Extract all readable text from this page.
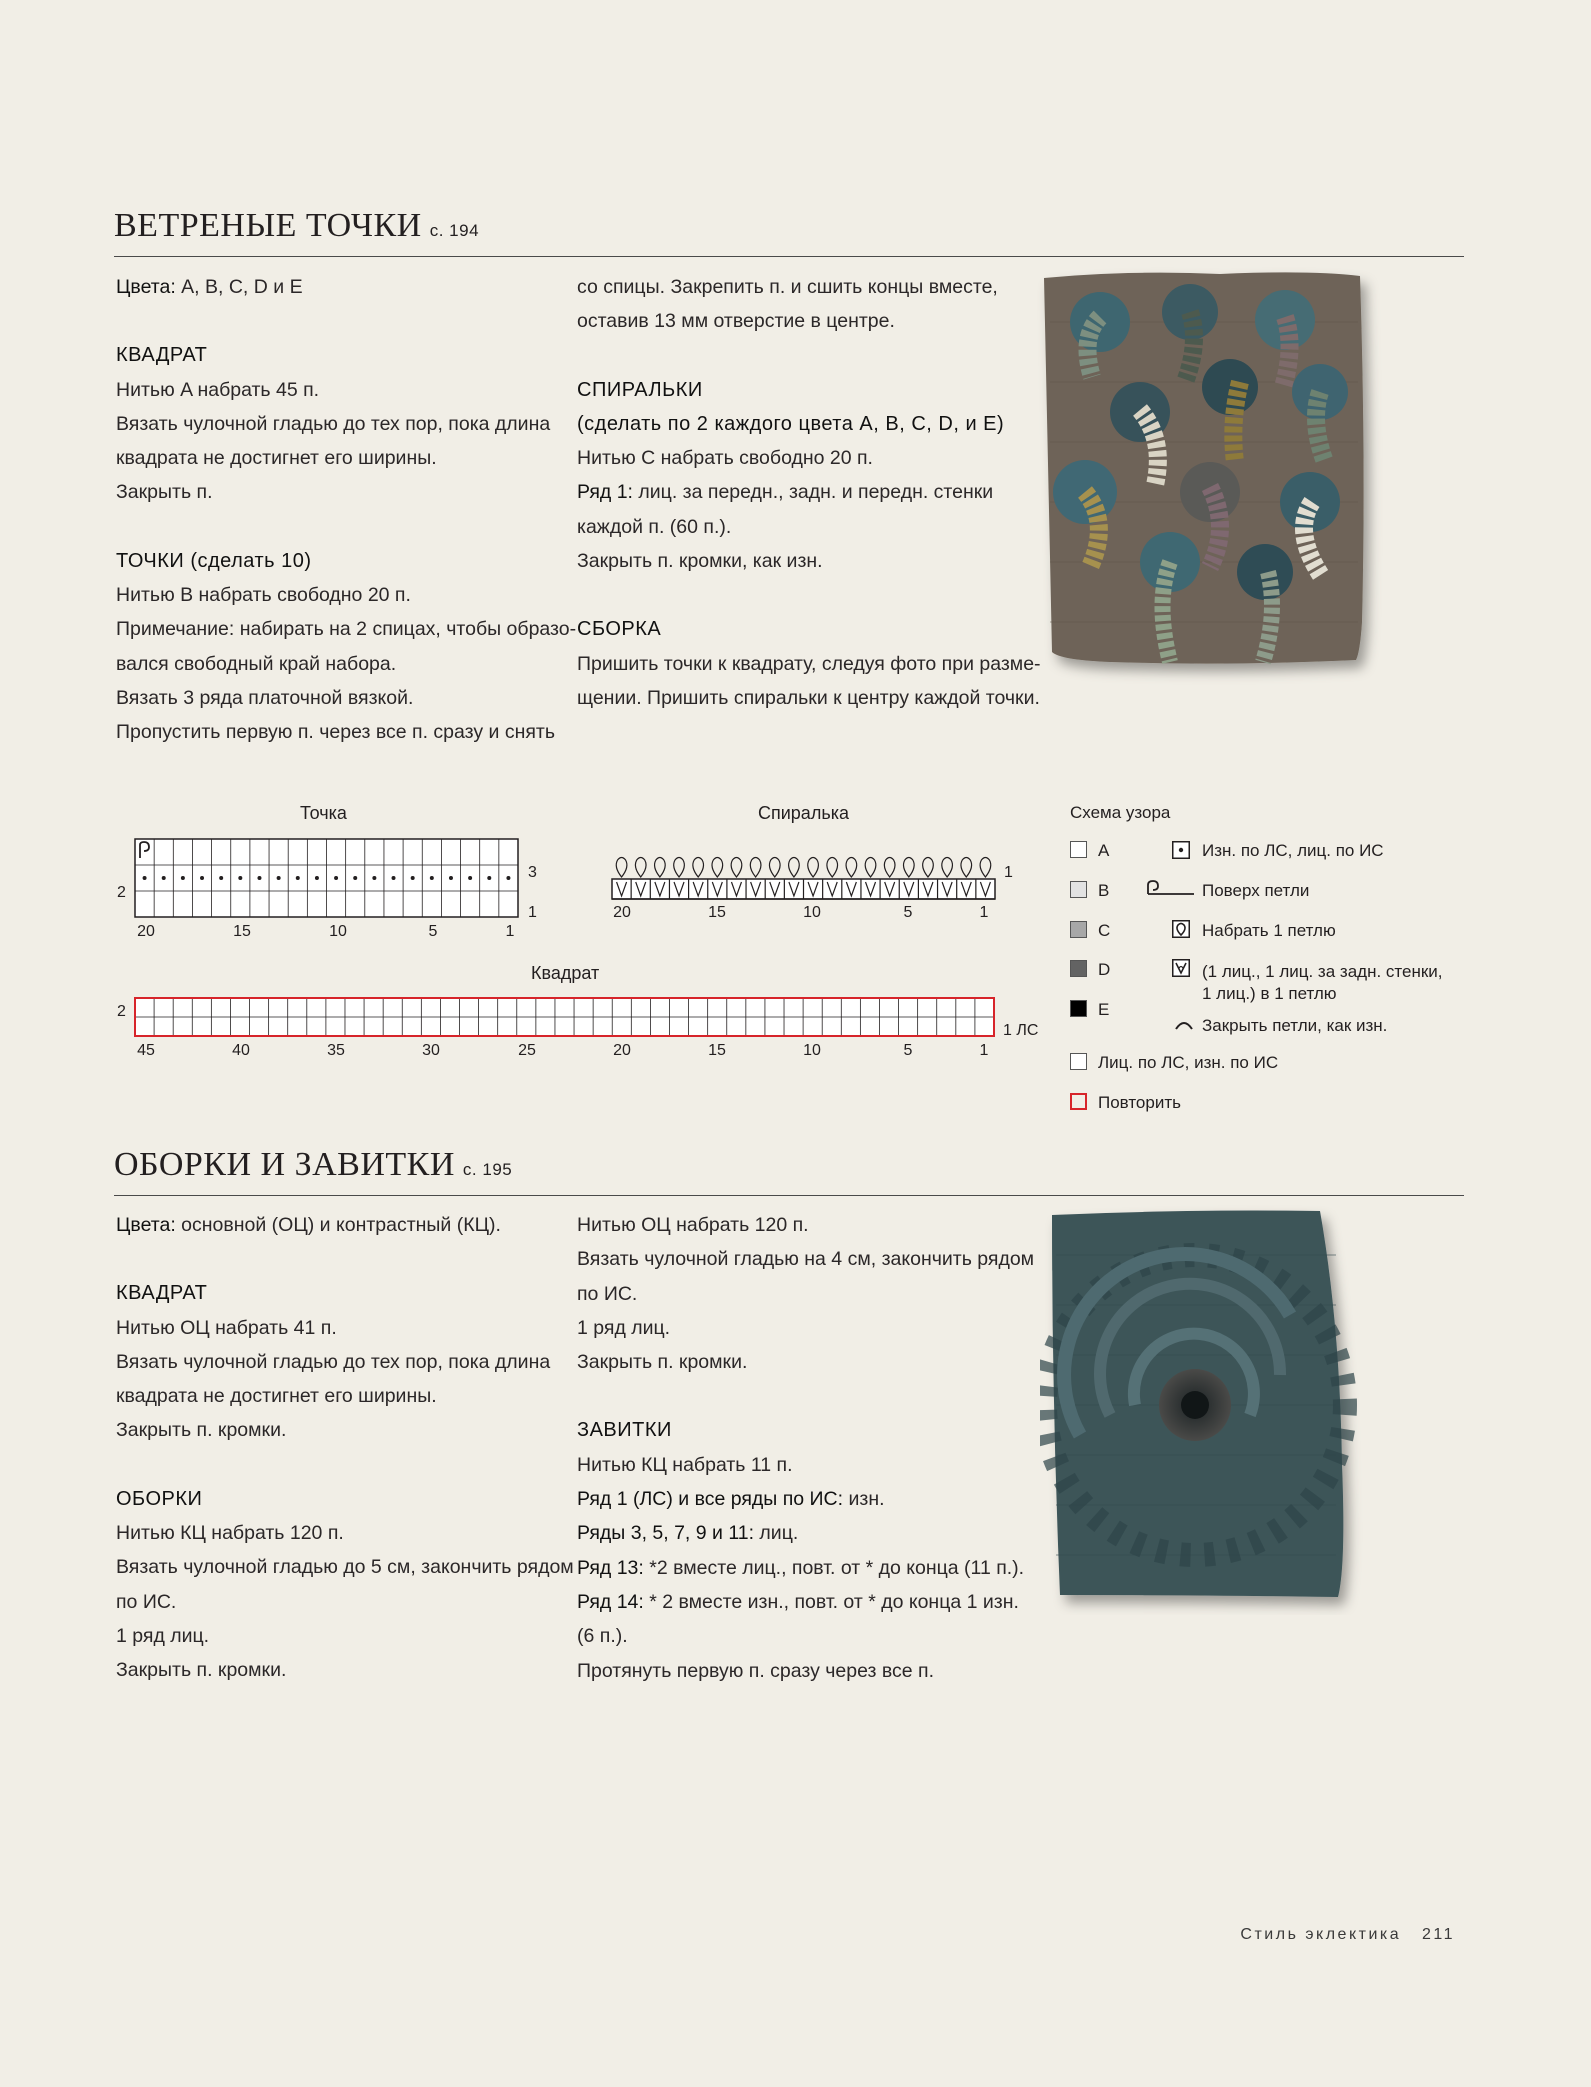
ВЕТРЕНЫЕ ТОЧКИ с. 194

Цвета: A, B, C, D и E

КВАДРАТ

Нитью A набрать 45 п.

Вязать чулочной гладью до тех пор, пока длина

квадрата не достигнет его ширины.

Закрыть п.

ТОЧКИ (сделать 10)

Нитью B набрать свободно 20 п.

Примечание: набирать на 2 спицах, чтобы образо-

вался свободный край набора.

Вязать 3 ряда платочной вязкой.

Пропустить первую п. через все п. сразу и снять

со спицы. Закрепить п. и сшить концы вместе,

оставив 13 мм отверстие в центре.

СПИРАЛЬКИ

(сделать по 2 каждого цвета A, B, C, D, и E)

Нитью C набрать свободно 20 п.

Ряд 1: лиц. за передн., задн. и передн. стенки

каждой п. (60 п.).

Закрыть п. кромки, как изн.

СБОРКА

Пришить точки к квадрату, следуя фото при разме-

щении. Пришить спиральки к центру каждой точки.

Точка
2
3
1
20	15	10	5	1
Спиралька
1
20	15	10	5	1
Квадрат
2
1 ЛС
45	40	35	30	25	20	15	10	5	1
Схема узора
A
B
C
D
E
Изн. по ЛС, лиц. по ИС
Поверх петли
Набрать 1 петлю
(1 лиц., 1 лиц. за задн. стенки,
1 лиц.) в 1 петлю
Закрыть петли, как изн.
Лиц. по ЛС, изн. по ИС
Повторить
ОБОРКИ И ЗАВИТКИ с. 195

Цвета: основной (ОЦ) и контрастный (КЦ).

КВАДРАТ

Нитью ОЦ набрать 41 п.

Вязать чулочной гладью до тех пор, пока длина

квадрата не достигнет его ширины.

Закрыть п. кромки.

ОБОРКИ

Нитью КЦ набрать 120 п.

Вязать чулочной гладью до 5 см, закончить рядом

по ИС.

1 ряд лиц.

Закрыть п. кромки.

Нитью ОЦ набрать 120 п.

Вязать чулочной гладью на 4 см, закончить рядом

по ИС.

1 ряд лиц.

Закрыть п. кромки.

ЗАВИТКИ

Нитью КЦ набрать 11 п.

Ряд 1 (ЛС) и все ряды по ИС: изн.

Ряды 3, 5, 7, 9 и 11: лиц.

Ряд 13: *2 вместе лиц., повт. от * до конца (11 п.).

Ряд 14: * 2 вместе изн., повт. от * до конца 1 изн.

(6 п.).

Протянуть первую п. сразу через все п.

Стиль эклектика 211
